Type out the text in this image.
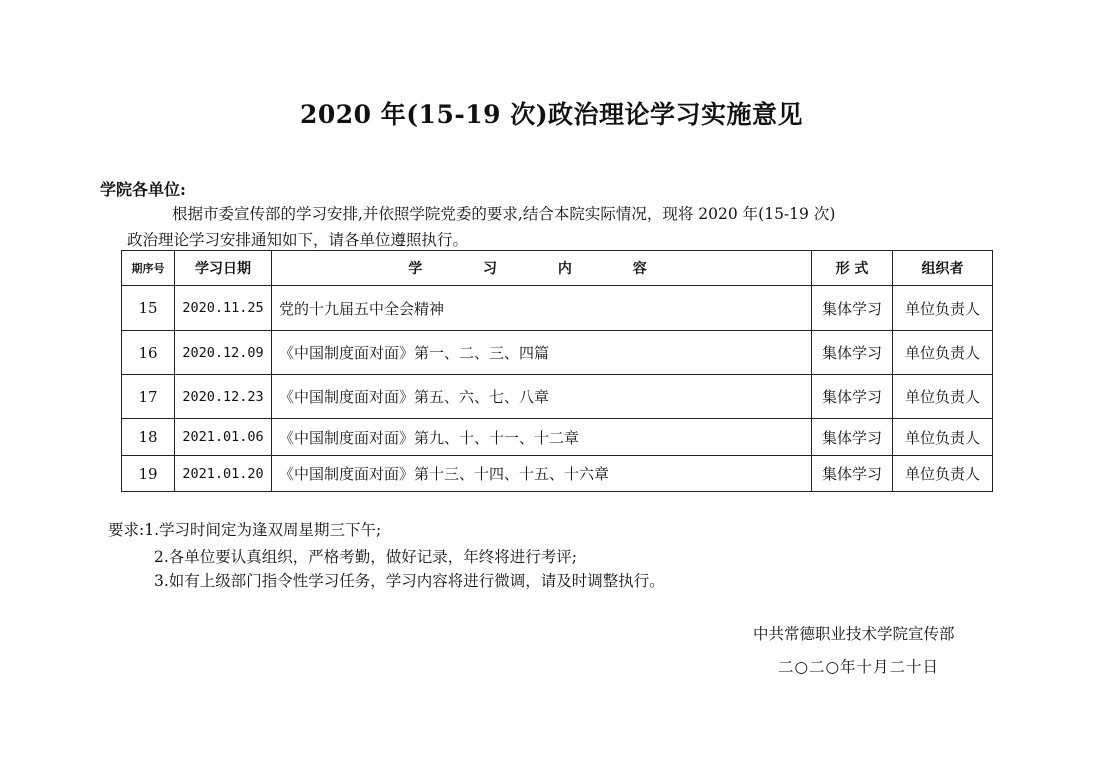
2020 年(15-19 次)政治理论学习实施意见
学院各单位:
根据市委宣传部的学习安排,并依照学院党委的要求,结合本院实际情况，现将 2020 年(15-19 次)
政治理论学习安排通知如下，请各单位遵照执行。
期序号	学习日期	学 习 内 容	形 式	组织者
15	2020.11.25	党的十九届五中全会精神	集体学习	单位负责人
16	2020.12.09	《中国制度面对面》第一、二、三、四篇	集体学习	单位负责人
17	2020.12.23	《中国制度面对面》第五、六、七、八章	集体学习	单位负责人
18	2021.01.06	《中国制度面对面》第九、十、十一、十二章	集体学习	单位负责人
19	2021.01.20	《中国制度面对面》第十三、十四、十五、十六章	集体学习	单位负责人
要求:1.学习时间定为逢双周星期三下午;
2.各单位要认真组织，严格考勤，做好记录，年终将进行考评;
3.如有上级部门指令性学习任务，学习内容将进行微调，请及时调整执行。
中共常德职业技术学院宣传部
二○二○年十月二十日
